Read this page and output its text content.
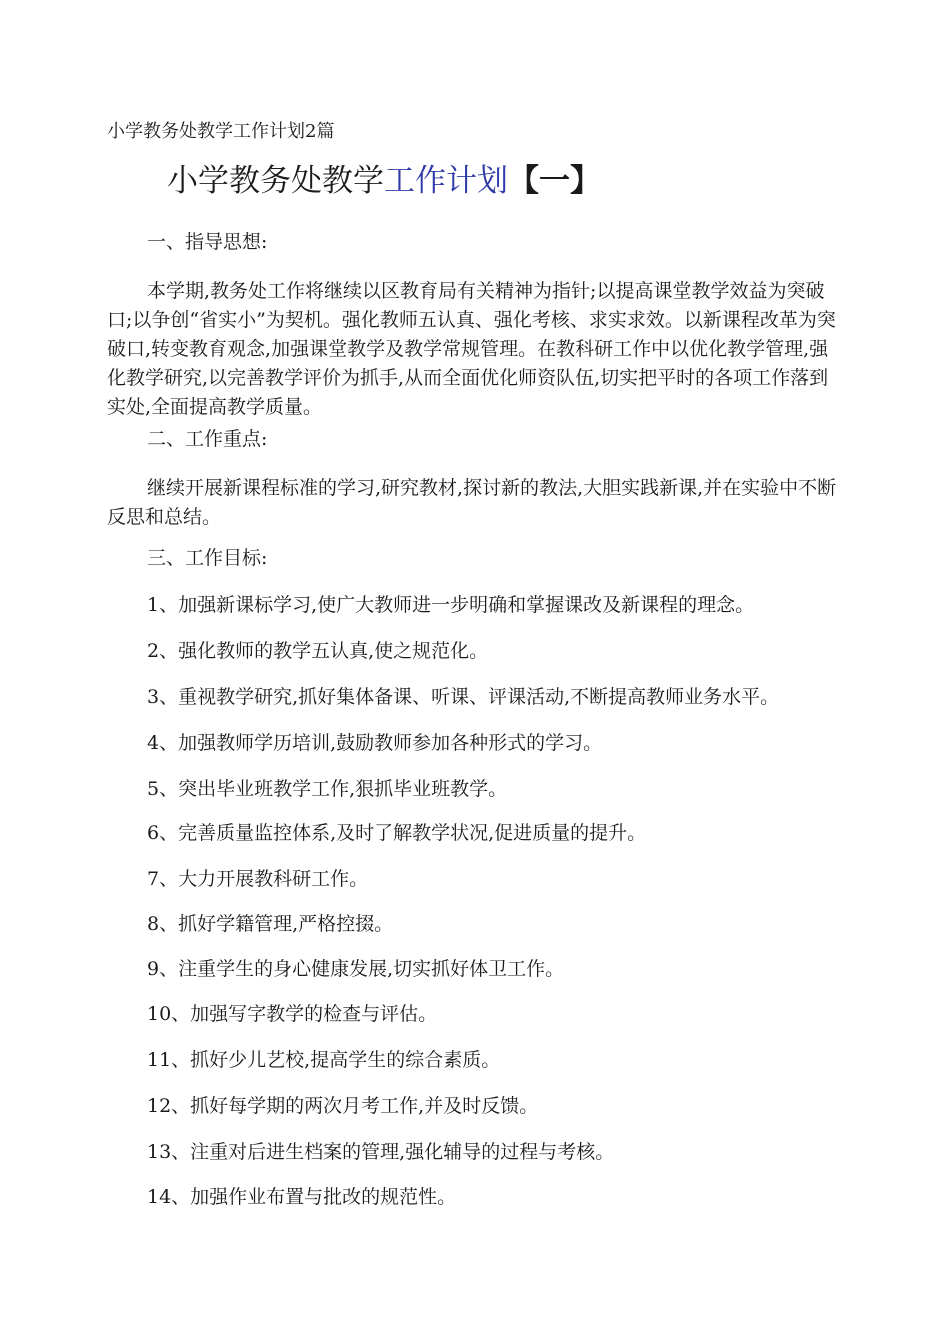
小学教务处教学工作计划2篇
小学教务处教学工作计划【一】

一、指导思想:

本学期,教务处工作将继续以区教育局有关精神为指针;以提高课堂教学效益为突破口;以争创“省实小”为契机。强化教师五认真、强化考核、求实求效。以新课程改革为突破口,转变教育观念,加强课堂教学及教学常规管理。在教科研工作中以优化教学管理,强化教学研究,以完善教学评价为抓手,从而全面优化师资队伍,切实把平时的各项工作落到实处,全面提高教学质量。

二、工作重点:

继续开展新课程标准的学习,研究教材,探讨新的教法,大胆实践新课,并在实验中不断反思和总结。

三、工作目标:

1、加强新课标学习,使广大教师进一步明确和掌握课改及新课程的理念。

2、强化教师的教学五认真,使之规范化。

3、重视教学研究,抓好集体备课、听课、评课活动,不断提高教师业务水平。

4、加强教师学历培训,鼓励教师参加各种形式的学习。

5、突出毕业班教学工作,狠抓毕业班教学。

6、完善质量监控体系,及时了解教学状况,促进质量的提升。

7、大力开展教科研工作。

8、抓好学籍管理,严格控掇。

9、注重学生的身心健康发展,切实抓好体卫工作。

10、加强写字教学的检查与评估。

11、抓好少儿艺校,提高学生的综合素质。

12、抓好每学期的两次月考工作,并及时反馈。

13、注重对后进生档案的管理,强化辅导的过程与考核。

14、加强作业布置与批改的规范性。
